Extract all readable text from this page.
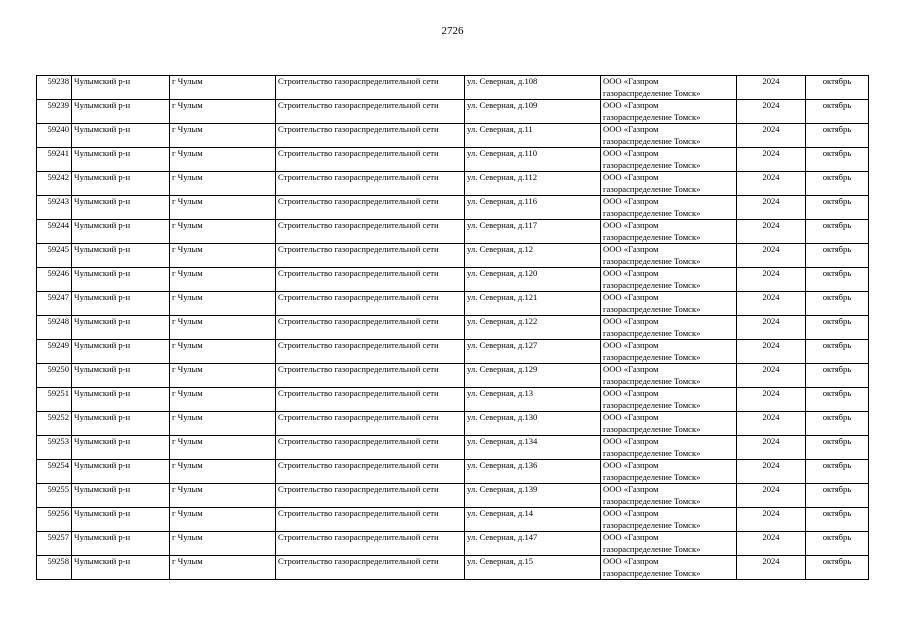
2726
59238	Чулымский р-н	г Чулым	Строительство газораспределительной сети	ул. Северная, д.108	ООО «Газпром
газораспределение Томск»	2024	октябрь
59239	Чулымский р-н	г Чулым	Строительство газораспределительной сети	ул. Северная, д.109	ООО «Газпром
газораспределение Томск»	2024	октябрь
59240	Чулымский р-н	г Чулым	Строительство газораспределительной сети	ул. Северная, д.11	ООО «Газпром
газораспределение Томск»	2024	октябрь
59241	Чулымский р-н	г Чулым	Строительство газораспределительной сети	ул. Северная, д.110	ООО «Газпром
газораспределение Томск»	2024	октябрь
59242	Чулымский р-н	г Чулым	Строительство газораспределительной сети	ул. Северная, д.112	ООО «Газпром
газораспределение Томск»	2024	октябрь
59243	Чулымский р-н	г Чулым	Строительство газораспределительной сети	ул. Северная, д.116	ООО «Газпром
газораспределение Томск»	2024	октябрь
59244	Чулымский р-н	г Чулым	Строительство газораспределительной сети	ул. Северная, д.117	ООО «Газпром
газораспределение Томск»	2024	октябрь
59245	Чулымский р-н	г Чулым	Строительство газораспределительной сети	ул. Северная, д.12	ООО «Газпром
газораспределение Томск»	2024	октябрь
59246	Чулымский р-н	г Чулым	Строительство газораспределительной сети	ул. Северная, д.120	ООО «Газпром
газораспределение Томск»	2024	октябрь
59247	Чулымский р-н	г Чулым	Строительство газораспределительной сети	ул. Северная, д.121	ООО «Газпром
газораспределение Томск»	2024	октябрь
59248	Чулымский р-н	г Чулым	Строительство газораспределительной сети	ул. Северная, д.122	ООО «Газпром
газораспределение Томск»	2024	октябрь
59249	Чулымский р-н	г Чулым	Строительство газораспределительной сети	ул. Северная, д.127	ООО «Газпром
газораспределение Томск»	2024	октябрь
59250	Чулымский р-н	г Чулым	Строительство газораспределительной сети	ул. Северная, д.129	ООО «Газпром
газораспределение Томск»	2024	октябрь
59251	Чулымский р-н	г Чулым	Строительство газораспределительной сети	ул. Северная, д.13	ООО «Газпром
газораспределение Томск»	2024	октябрь
59252	Чулымский р-н	г Чулым	Строительство газораспределительной сети	ул. Северная, д.130	ООО «Газпром
газораспределение Томск»	2024	октябрь
59253	Чулымский р-н	г Чулым	Строительство газораспределительной сети	ул. Северная, д.134	ООО «Газпром
газораспределение Томск»	2024	октябрь
59254	Чулымский р-н	г Чулым	Строительство газораспределительной сети	ул. Северная, д.136	ООО «Газпром
газораспределение Томск»	2024	октябрь
59255	Чулымский р-н	г Чулым	Строительство газораспределительной сети	ул. Северная, д.139	ООО «Газпром
газораспределение Томск»	2024	октябрь
59256	Чулымский р-н	г Чулым	Строительство газораспределительной сети	ул. Северная, д.14	ООО «Газпром
газораспределение Томск»	2024	октябрь
59257	Чулымский р-н	г Чулым	Строительство газораспределительной сети	ул. Северная, д.147	ООО «Газпром
газораспределение Томск»	2024	октябрь
59258	Чулымский р-н	г Чулым	Строительство газораспределительной сети	ул. Северная, д.15	ООО «Газпром
газораспределение Томск»	2024	октябрь
